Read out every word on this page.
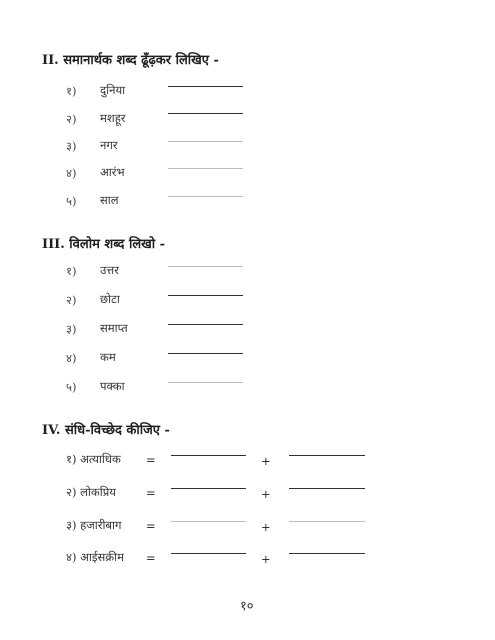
II. समानार्थक शब्द ढूँढ़कर लिखिए -
१) दुनिया
२) मशहूर
३) नगर
४) आरंभ
५) साल
III. विलोम शब्द लिखो -
१) उत्तर
२) छोटा
३) समाप्त
४) कम
५) पक्का
IV. संधि-विच्छेद कीजिए -
१) अत्याधिक =	+
२) लोकप्रिय	=	+
३) हजारीबाग =	+
४) आईसक्रीम =	+
१०
